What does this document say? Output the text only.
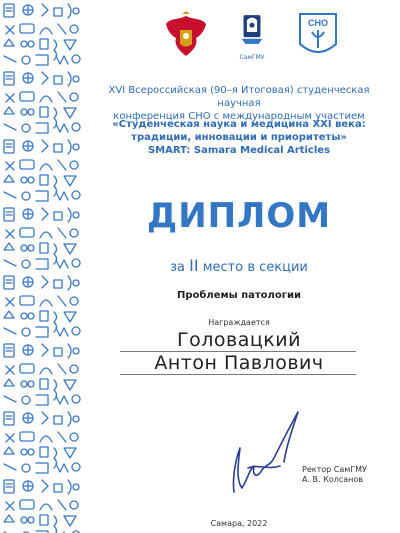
СамГМУ
СНО
XVI Всероссийская (90–я Итоговая) студенческая научная
конференция СНО с международным участием
«Студенческая наука и медицина XXI века:
традиции, инновации и приоритеты»
SMART: Samara Medical Articles
ДИПЛОМ
за II место в секции
Проблемы патологии
Награждается
Головацкий
Антон Павлович
Ректор СамГМУ
А. В. Колсанов
Самара, 2022
